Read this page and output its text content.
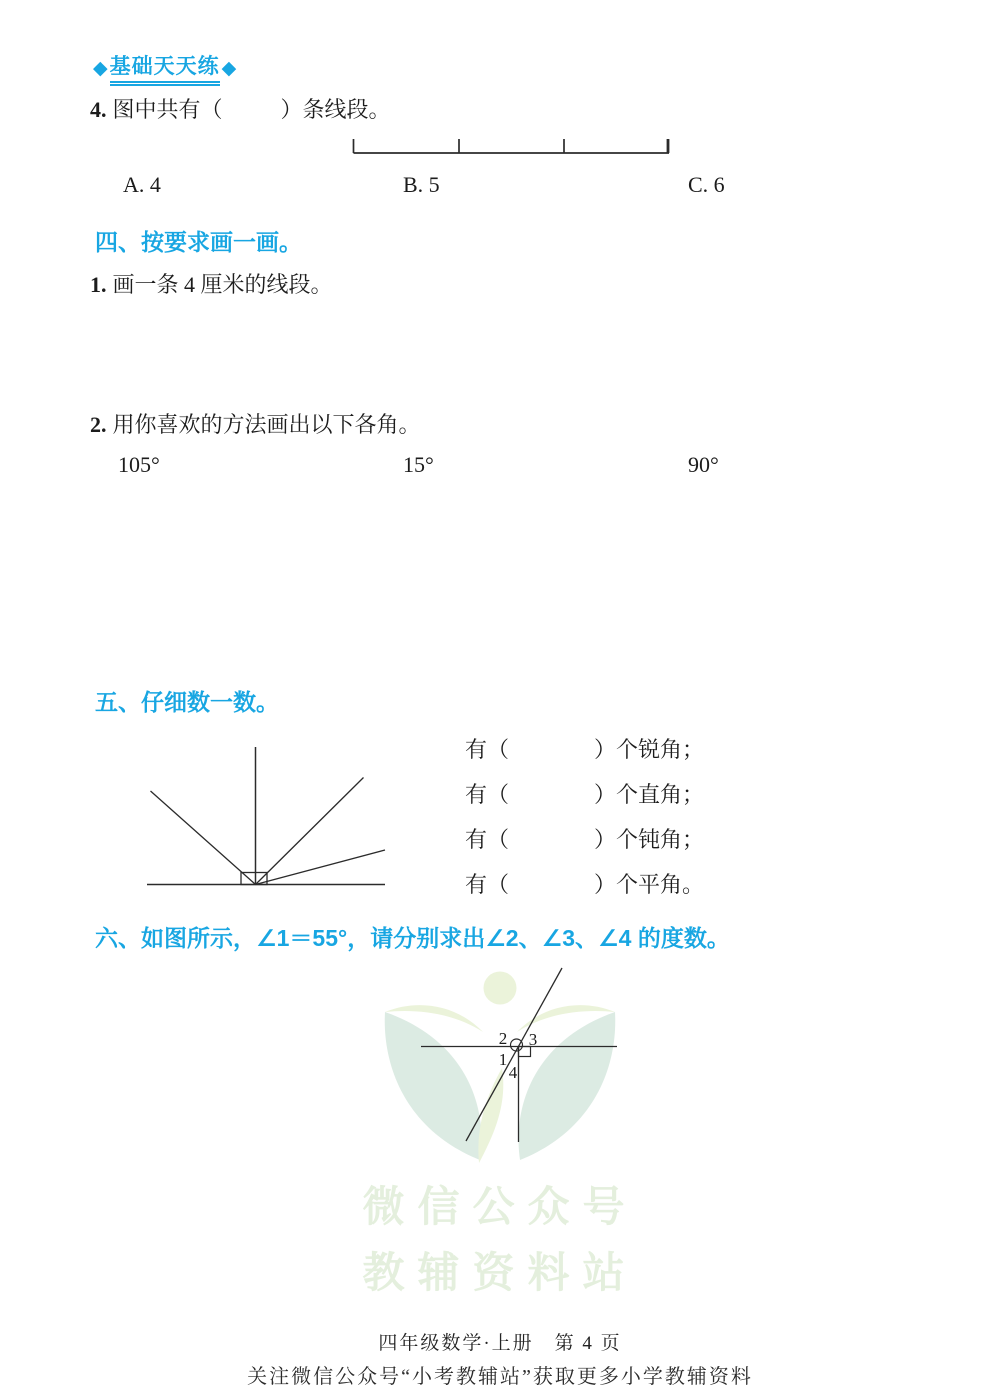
微信公众号
教辅资料站
◆ 基础天天练 ◆
4. 图中共有（	）条线段。
A. 4	B. 5	C. 6
四、按要求画一画。
1. 画一条 4 厘米的线段。
2. 用你喜欢的方法画出以下各角。
105°	15°	90°
五、仔细数一数。
有（	）个锐角；
有（	）个直角；
有（	）个钝角；
有（	）个平角。
六、如图所示，∠1＝55°，请分别求出∠2、∠3、∠4 的度数。
2 3
1
4
四年级数学·上册　第 4 页
关注微信公众号“小考教辅站”获取更多小学教辅资料
